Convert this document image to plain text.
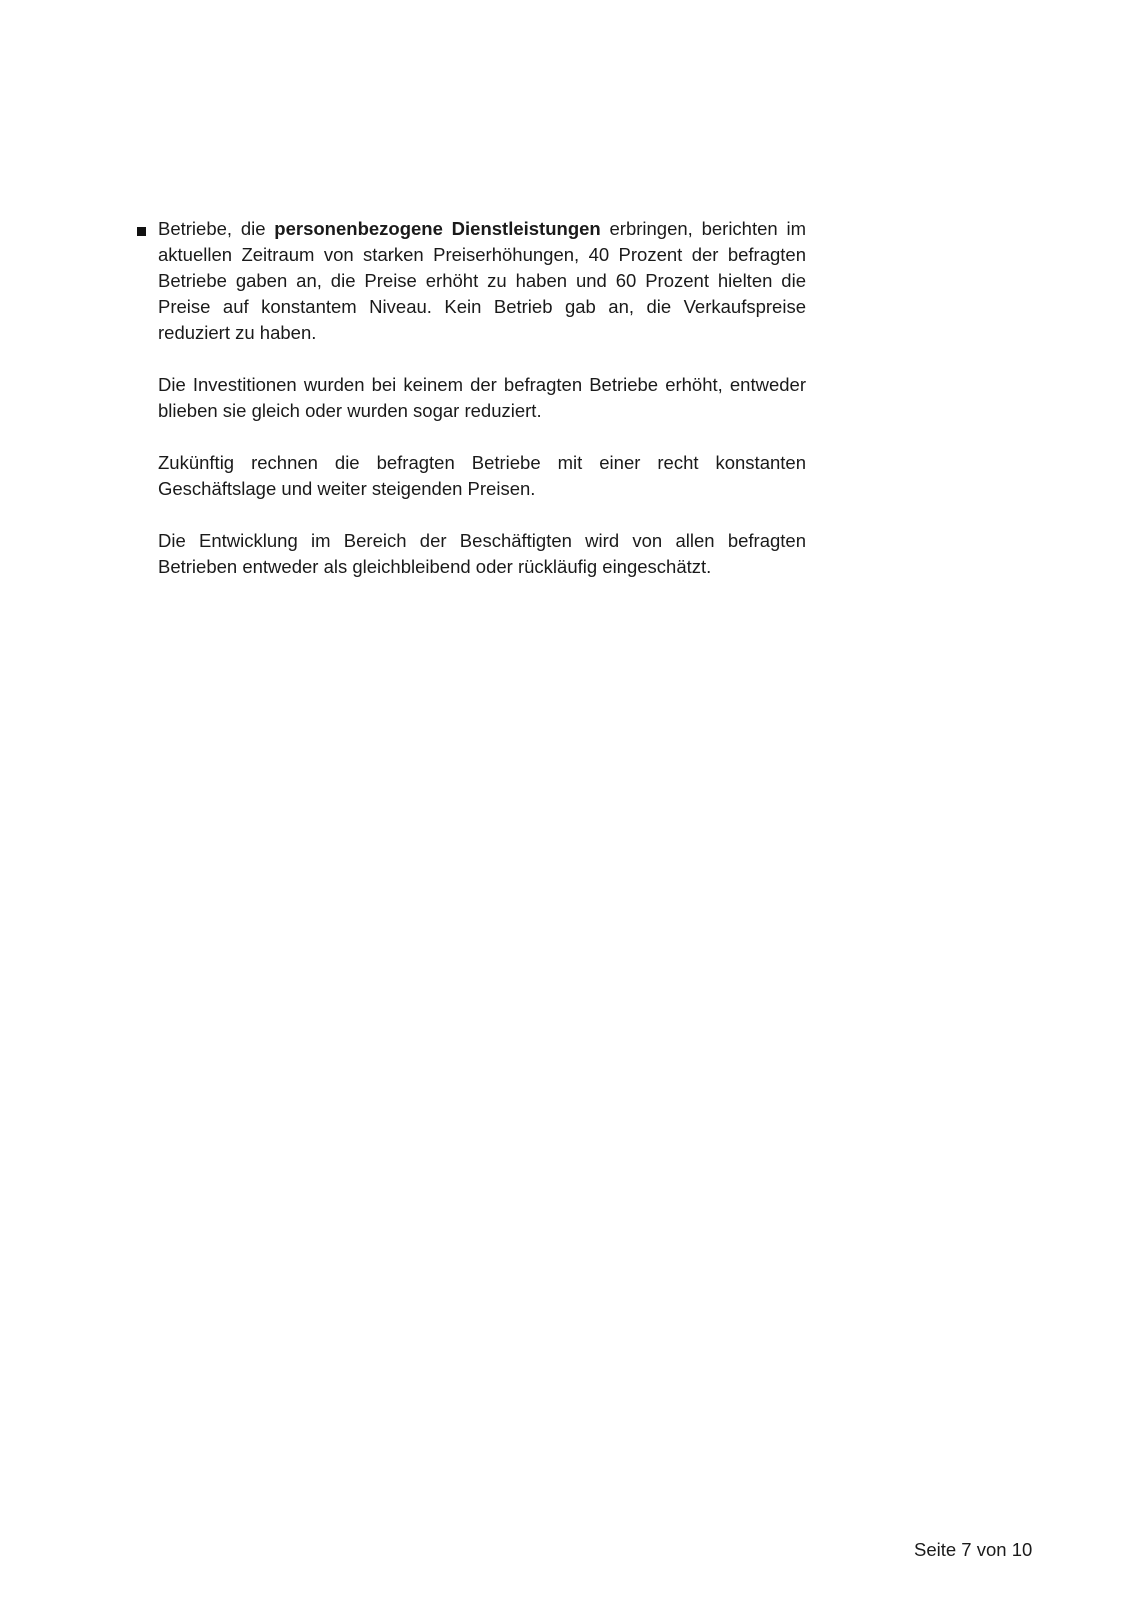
Betriebe, die personenbezogene Dienstleistungen erbringen, berichten im aktuellen Zeitraum von starken Preiserhöhungen, 40 Prozent der befragten Betriebe gaben an, die Preise erhöht zu haben und 60 Prozent hielten die Preise auf konstantem Niveau. Kein Betrieb gab an, die Verkaufspreise reduziert zu haben.

Die Investitionen wurden bei keinem der befragten Betriebe erhöht, entweder blieben sie gleich oder wurden sogar reduziert.

Zukünftig rechnen die befragten Betriebe mit einer recht konstanten Geschäftslage und weiter steigenden Preisen.

Die Entwicklung im Bereich der Beschäftigten wird von allen befragten Betrieben entweder als gleichbleibend oder rückläufig eingeschätzt.

Seite 7 von 10
